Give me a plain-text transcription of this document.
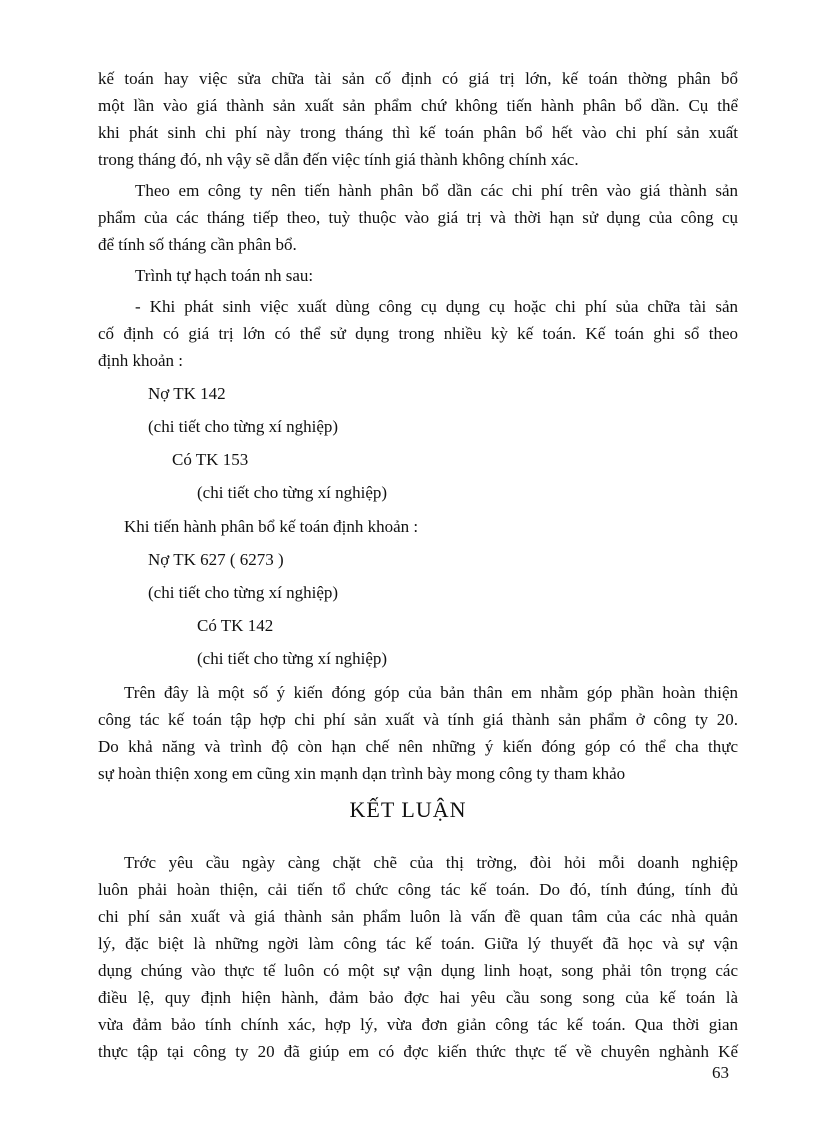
kế toán hay việc sửa chữa tài sản cố định có giá trị lớn, kế toán thờng phân bổ
một lần vào giá thành sản xuất sản phẩm chứ không tiến hành phân bổ dần. Cụ thể
khi phát sinh chi phí này trong tháng thì kế toán phân bổ hết vào chi phí sản xuất
trong tháng đó, nh vậy sẽ dẫn đến việc tính giá thành không chính xác.
Theo em công ty nên tiến hành phân bổ dần các chi phí trên vào giá thành sản
phẩm của các tháng tiếp theo, tuỳ thuộc vào giá trị và thời hạn sử dụng của công cụ
để tính số tháng cần phân bổ.
Trình tự hạch toán nh sau:
- Khi phát sinh việc xuất dùng công cụ dụng cụ hoặc chi phí sủa chữa tài sản
cố định có giá trị lớn có thể sử dụng trong nhiều kỳ kế toán. Kế toán ghi sổ theo
định khoản :
Nợ TK 142
(chi tiết cho từng xí nghiệp)
Có TK 153
(chi tiết cho từng xí nghiệp)
Khi tiến hành phân bổ kế toán định khoản :
Nợ TK 627 ( 6273 )
(chi tiết cho từng xí nghiệp)
Có TK 142
(chi tiết cho từng xí nghiệp)
Trên đây là một số ý kiến đóng góp của bản thân em nhằm góp phần hoàn thiện
công tác kế toán tập hợp chi phí sản xuất và tính giá thành sản phẩm ở công ty 20.
Do khả năng và trình độ còn hạn chế nên những ý kiến đóng góp có thể cha thực
sự hoàn thiện xong em cũng xin mạnh dạn trình bày mong công ty tham khảo
KẾT LUẬN
Trớc yêu cầu ngày càng chặt chẽ của thị trờng, đòi hỏi mỗi doanh nghiệp
luôn phải hoàn thiện, cải tiến tổ chức công tác kế toán. Do đó, tính đúng, tính đủ
chi phí sản xuất và giá thành sản phẩm luôn là vấn đề quan tâm của các nhà quản
lý, đặc biệt là những ngời làm công tác kế toán. Giữa lý thuyết đã học và sự vận
dụng chúng vào thực tế luôn có một sự vận dụng linh hoạt, song phải tôn trọng các
điều lệ, quy định hiện hành, đảm bảo đợc hai yêu cầu song song của kế toán là
vừa đảm bảo tính chính xác, hợp lý, vừa đơn giản công tác kế toán. Qua thời gian
thực tập tại công ty 20 đã giúp em có đợc kiến thức thực tế về chuyên nghành Kế
63
